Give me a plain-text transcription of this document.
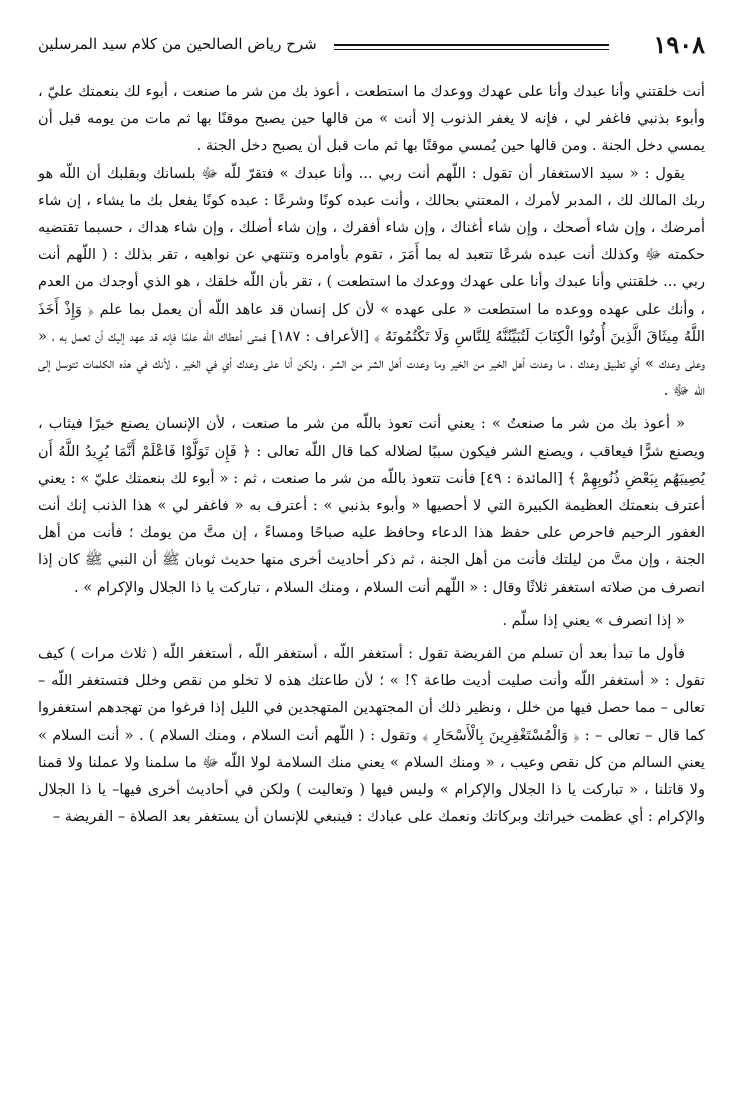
١٩٠٨
شرح رياض الصالحين من كلام سيد المرسلين

أنت خلقتني وأنا عبدك وأنا على عهدك ووعدك ما استطعت ، أعوذ بك من شر ما صنعت ، أبوء لك بنعمتك عليّ ، وأبوء بذنبي فاغفر لي ، فإنه لا يغفر الذنوب إلا أنت » من قالها حين يصبح موقنًا بها ثم مات من يومه قبل أن يمسي دخل الجنة . ومن قالها حين يُمسي موقنًا بها ثم مات قبل أن يصبح دخل الجنة .

يقول : « سيد الاستغفار أن تقول : اللّهم أنت ربي ... وأنا عبدك » فتقرّ للّه ﷻ بلسانك وبقلبك أن اللّه هو ربك المالك لك ، المدبر لأمرك ، المعتني بحالك ، وأنت عبده كونًا وشرعًا : عبده كونًا يفعل بك ما يشاء ، إن شاء أمرضك ، وإن شاء أصحك ، وإن شاء أغناك ، وإن شاء أفقرك ، وإن شاء أضلك ، وإن شاء هداك ، حسبما تقتضيه حكمته ﷻ وكذلك أنت عبده شرعًا تتعبد له بما أَمَرَ ، تقوم بأوامره وتنتهي عن نواهيه ، تقر بذلك : ( اللّهم أنت ربي ... خلقتني وأنا عبدك وأنا على عهدك ووعدك ما استطعت ) ، تقر بأن اللّه خلقك ، هو الذي أوجدك من العدم ، وأنك على عهده ووعده ما استطعت « على عهده » لأن كل إنسان قد عاهد اللّه أن يعمل بما علم ﴿ وَإِذْ أَخَذَ اللَّهُ مِيثَاقَ الَّذِينَ أُوتُوا الْكِتَابَ لَتُبَيِّنُنَّهُ لِلنَّاسِ وَلَا تَكْتُمُونَهُ ﴾ [الأعراف : ١٨٧] فمتى أعطاك اللّه علمًا فإنه قد عهد إليك أن تعمل به ، « وعلى وعدك » أي تطبيق وعدك ، ما وعدت أهل الخير من الخير وما وعدت أهل الشر من الشر ، ولكن أنا على وعدك أي في الخير ، لأنك في هذه الكلمات تتوسل إلى اللّه ﷻ .

« أعوذ بك من شر ما صنعتُ » : يعني أنت تعوذ باللّه من شر ما صنعت ، لأن الإنسان يصنع خيرًا فيثاب ، ويصنع شرًّا فيعاقب ، ويصنع الشر فيكون سببًا لضلاله كما قال اللّه تعالى : ﴿ فَإِن تَوَلَّوْا فَاعْلَمْ أَنَّمَا يُرِيدُ اللَّهُ أَن يُصِيبَهُم بِبَعْضِ ذُنُوبِهِمْ ﴾ [المائدة : ٤٩] فأنت تتعوذ باللّه من شر ما صنعت ، ثم : « أبوء لك بنعمتك عليّ » : يعني أعترف بنعمتك العظيمة الكبيرة التي لا أحصيها « وأبوء بذنبي » : أعترف به « فاغفر لي » هذا الذنب إنك أنت الغفور الرحيم فاحرص على حفظ هذا الدعاء وحافظ عليه صباحًا ومساءً ، إن متَّ من يومك ؛ فأنت من أهل الجنة ، وإن متَّ من ليلتك فأنت من أهل الجنة ، ثم ذكر أحاديث أخرى منها حديث ثوبان ﷺ أن النبي ﷺ كان إذا انصرف من صلاته استغفر ثلاثًا وقال : « اللّهم أنت السلام ، ومنك السلام ، تباركت يا ذا الجلال والإكرام » .

« إذا انصرف » يعني إذا سلّم .

فأول ما تبدأ بعد أن تسلم من الفريضة تقول : أستغفر اللّه ، أستغفر اللّه ، أستغفر اللّه ( ثلاث مرات ) كيف تقول : « أستغفر اللّه وأنت صليت أديت طاعة ؟! » ؛ لأن طاعتك هذه لا تخلو من نقص وخلل فتستغفر اللّه – تعالى – مما حصل فيها من خلل ، ونظير ذلك أن المجتهدين المتهجدين في الليل إذا فرغوا من تهجدهم استغفروا كما قال – تعالى – : ﴿ وَالْمُسْتَغْفِرِينَ بِالْأَسْحَارِ ﴾ وتقول : ( اللّهم أنت السلام ، ومنك السلام ) . « أنت السلام » يعني السالم من كل نقص وعيب ، « ومنك السلام » يعني منك السلامة لولا اللّه ﷻ ما سلمنا ولا عملنا ولا قمنا ولا قاتلنا ، « تباركت يا ذا الجلال والإكرام » وليس فيها ( وتعاليت ) ولكن في أحاديث أخرى فيها– يا ذا الجلال والإكرام : أي عظمت خيراتك وبركاتك ونعمك على عبادك : فينبغي للإنسان أن يستغفر بعد الصلاة – الفريضة –
